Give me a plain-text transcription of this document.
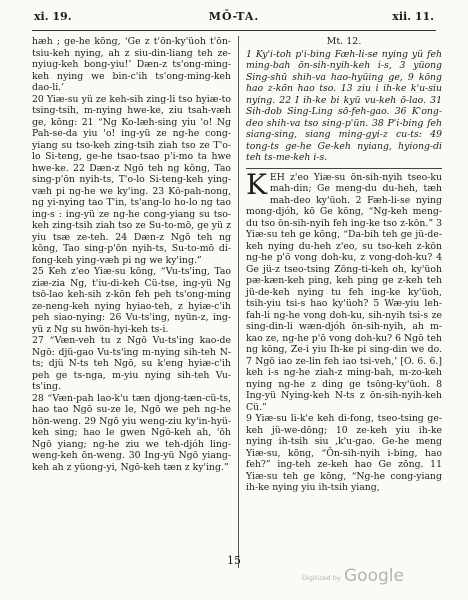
xi. 19.	MŌ-TA.	xii. 11.

hæh ; ge-he kōng, ‘Ge z t'ōn-ky'üoh t'ōn-tsiu-keh nying, ah z siu-din-liang teh ze-nyiug-keh bong-yiu!’ Dæn-z ts'ong-ming-keh nying we bin-c'ih ts'ong-ming-keh dao-li.’

20 Yiæ-su yü ze keh-sih zing-li tso hyiæ-to tsing-tsih, m-nying hwe-ke, ziu tsah-væh ge, kōng: 21 “Ng Ko-læh-sing yiu 'o! Ng Pah-se-da yiu 'o! ing-yü ze ng-he cong-yiang su tso-keh zing-tsih ziah tso ze T'o-lo Si-teng, ge-he tsao-tsao p'i-mo ta hwe hwe-ke. 22 Dæn-z Ngō teh ng kōng, Tao sing-p'ōn nyih-ts, T'o-lo Si-teng-keh ying-væh pi ng-he we ky'ing. 23 Kō-pah-nong, ng yi-nying tao T'in, ts'ang-lo ho-lo ng tao ing-s : ing-yü ze ng-he cong-yiang su tso-keh zing-tsih ziah tso ze Su-to-mō, ge yü z yiu tsæ ze-teh. 24 Dæn-z Ngō teh ng kōng, Tao sing-p'ōn nyih-ts, Su-to-mō di-fong-keh ying-væh pi ng we ky'ing.”

25 Keh z'eo Yiæ-su kōng, “Vu-ts'ing, Tao ziæ-zia Ng, t'iu-di-keh Cü-tse, ing-yü Ng tsō-lao keh-sih z-kōn feh peh ts'ong-ming ze-neng-keh nying hyiao-teh, z hyiæ-c'ih peh siao-nying: 26 Vu-ts'ing, nyün-z, ing-yü z Ng su hwön-hyi-keh ts-i.

27 “Væn-veh tu z Ngō Vu-ts'ing kao-de Ngō: djü-gao Vu-ts'ing m-nying sih-teh N-ts; djü N-ts teh Ngō, su k'eng hyiæ-c'ih peh ge ts-nga, m-yiu nying sih-teh Vu-ts'ing.

28 “Væn-pah lao-k'u tæn djong-tæn-cü-ts, hao tao Ngō su-ze le, Ngō we peh ng-he hön-weng. 29 Ngō yiu weng-ziu ky'in-hyü-keh sing; hao le gwen Ngō-keh ah, 'ōh Ngō yiang; ng-he ziu we teh-djóh ling-weng-keh ōn-weng. 30 Ing-yü Ngō yiang-keh ah z yüong-yi, Ngō-keh tæn z ky'ing.”

Mt. 12.
1 Ky'i-toh p'i-bing Fæh-li-se nying yü feh ming-bah ōn-sih-nyih-keh i-s, 3 yüong Sing-shū shih-va hao-hyüing ge, 9 kōng hao z-kōn hao tso. 13 ziu i ih-ke k'u-siu nying. 22 I ih-ke bi kyü vu-keh ō-lao. 31 Sih-dob Sing-Ling sō-feh-gao. 36 K'ong-deo shih-va tso sing-p'ün. 38 P'i-bing feh siang-sing, siang ming-gyi-z cu-ts: 49 tong-ts ge-he Ge-keh nyiang, hyiong-di teh ts-me-keh i-s.

KEH z'eo Yiæ-su ōn-sih-nyih tseo-ku mah-din; Ge meng-du du-heh, tæh mah-deo ky'üoh. 2 Fæh-li-se nying mong-djóh, kō Ge kōng, “Ng-keh meng-du tso ōn-sih-nyih feh ing-ke tso z-kōn.” 3 Yiæ-su teh ge kōng, “Da-bih teh ge jü-de-keh nying du-heh z'eo, su tso-keh z-kōn ng-he p'ō vong doh-ku, z vong-doh-ku? 4 Ge jü-z tseo-tsing Zōng-ti-keh oh, ky'üoh pæ-kæn-keh ping, keh ping ge z-keh teh jü-de-keh nying tu feh ing-ke ky'üoh, tsih-yiu tsi-s hao ky'üoh? 5 Wæ-yiu leh-fah-li ng-he vong doh-ku, sih-nyih tsi-s ze sing-din-li wæn-djóh ōn-sih-nyih, ah m-kao ze, ng-he p'ō vong doh-ku? 6 Ngō teh ng kōng, Ze-i yiu Ih-ke pi sing-din we do. 7 Ngō iao ze-lin feh iao tsi-veh,’ [O. 6. 6.] keh i-s ng-he ziah-z ming-bah, m-zo-keh nying ng-he z ding ge tsōng-ky'üoh. 8 Ing-yü Nying-keh N-ts z ōn-sih-nyih-keh Cü.”

9 Yiæ-su li-k'e keh di-fong, tseo-tsing ge-keh jü-we-dōng; 10 ze-keh yiu ih-ke nying ih-tsih siu ‚k'u-gao. Ge-he meng Yiæ-su, kōng, “Ōn-sih-nyih i-bing, hao feh?” ing-teh ze-keh hao Ge zōng. 11 Yiæ-su teh ge kōng, “Ng-he cong-yiang ih-ke nying yiu ih-tsih yiang,

15
Digitized by Google
